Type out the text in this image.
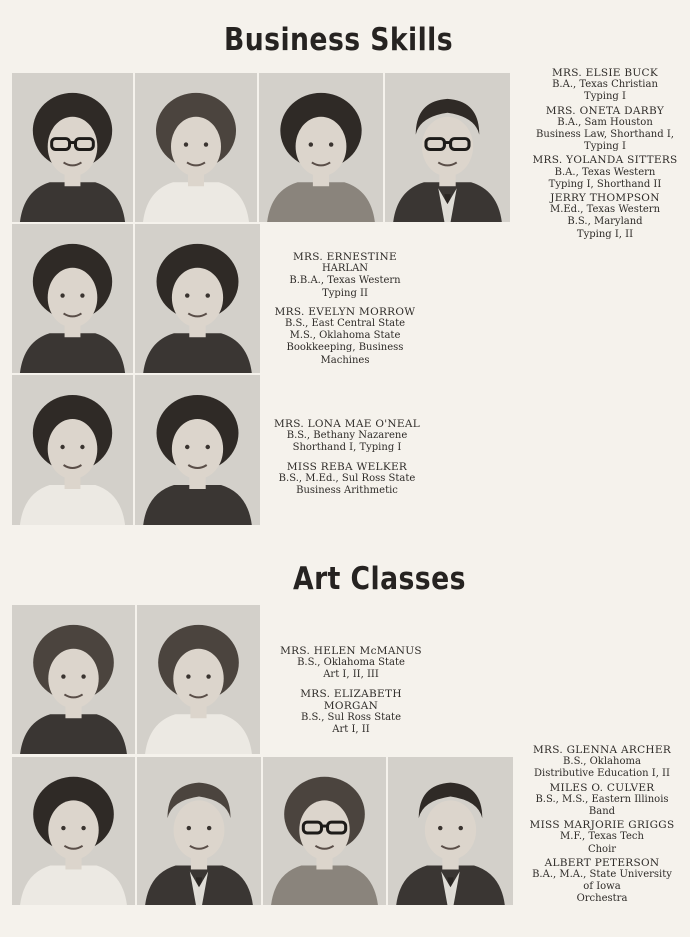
Business Skills
Art Classes
MRS. ELSIE BUCK
B.A., Texas Christian
Typing I
MRS. ONETA DARBY
B.A., Sam Houston
Business Law, Shorthand I,
Typing I
MRS. YOLANDA SITTERS
B.A., Texas Western
Typing I, Shorthand II
JERRY THOMPSON
M.Ed., Texas Western
B.S., Maryland
Typing I, II
MRS. ERNESTINE
HARLAN
B.B.A., Texas Western
Typing II
MRS. EVELYN MORROW
B.S., East Central State
M.S., Oklahoma State
Bookkeeping, Business
Machines
MRS. LONA MAE O'NEAL
B.S., Bethany Nazarene
Shorthand I, Typing I
MISS REBA WELKER
B.S., M.Ed., Sul Ross State
Business Arithmetic
MRS. HELEN McMANUS
B.S., Oklahoma State
Art I, II, III
MRS. ELIZABETH MORGAN
B.S., Sul Ross State
Art I, II
MRS. GLENNA ARCHER
B.S., Oklahoma
Distributive Education I, II
MILES O. CULVER
B.S., M.S., Eastern Illinois
Band
MISS MARJORIE GRIGGS
M.F., Texas Tech
Choir
ALBERT PETERSON
B.A., M.A., State University
of Iowa
Orchestra
